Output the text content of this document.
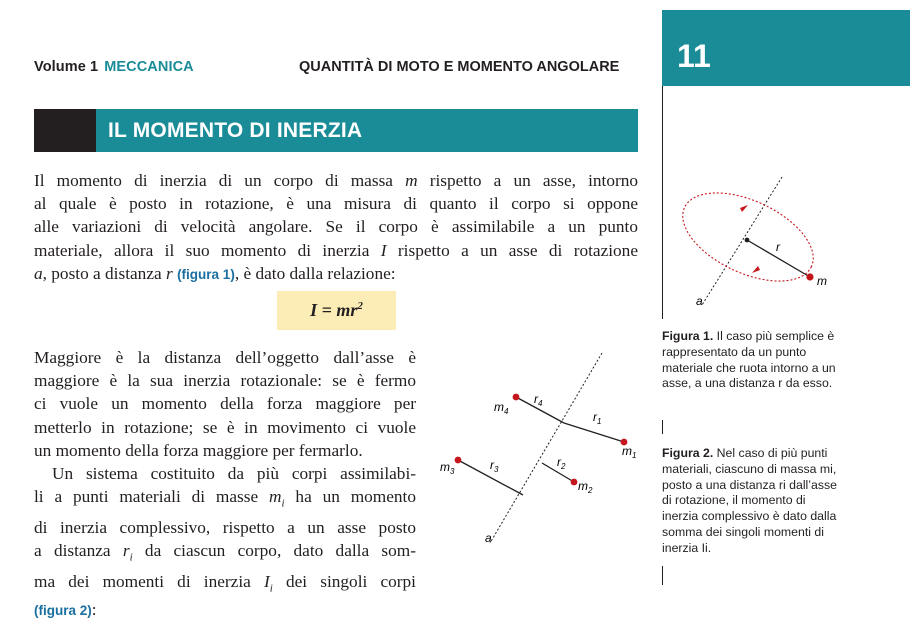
Volume 1 MECCANICA	QUANTITÀ DI MOTO E MOMENTO ANGOLARE 11
IL MOMENTO DI INERZIA
Il momento di inerzia di un corpo di massa m rispetto a un asse, intorno
al quale è posto in rotazione, è una misura di quanto il corpo si oppone
alle variazioni di velocità angolare. Se il corpo è assimilabile a un punto
materiale, allora il suo momento di inerzia I rispetto a un asse di rotazione
a, posto a distanza r (figura 1), è dato dalla relazione:
$I = mr^2$
Maggiore è la distanza dell’oggetto dall’asse è
maggiore è la sua inerzia rotazionale: se è fermo
ci vuole un momento della forza maggiore per
metterlo in rotazione; se è in movimento ci vuole
un momento della forza maggiore per fermarlo.
Un sistema costituito da più corpi assimilabi-
li a punti materiali di masse $m_i$ ha un momento
di inerzia complessivo, rispetto a un asse posto
a distanza $r_i$ da ciascun corpo, dato dalla som-
ma dei momenti di inerzia $I_i$ dei singoli corpi
(figura 2):
r
m
a
Figura 1. Il caso più semplice è rappresentato da un punto materiale che ruota intorno a un asse, a una distanza r da esso.
$m_4$
$r_4$
$r_1$
$m_1$
$m_3$	$r_3$
$r_2$
$m_2$
a
Figura 2. Nel caso di più punti materiali, ciascuno di massa mi, posto a una distanza ri dall’asse di rotazione, il momento di inerzia complessivo è dato dalla somma dei singoli momenti di inerzia Ii.
